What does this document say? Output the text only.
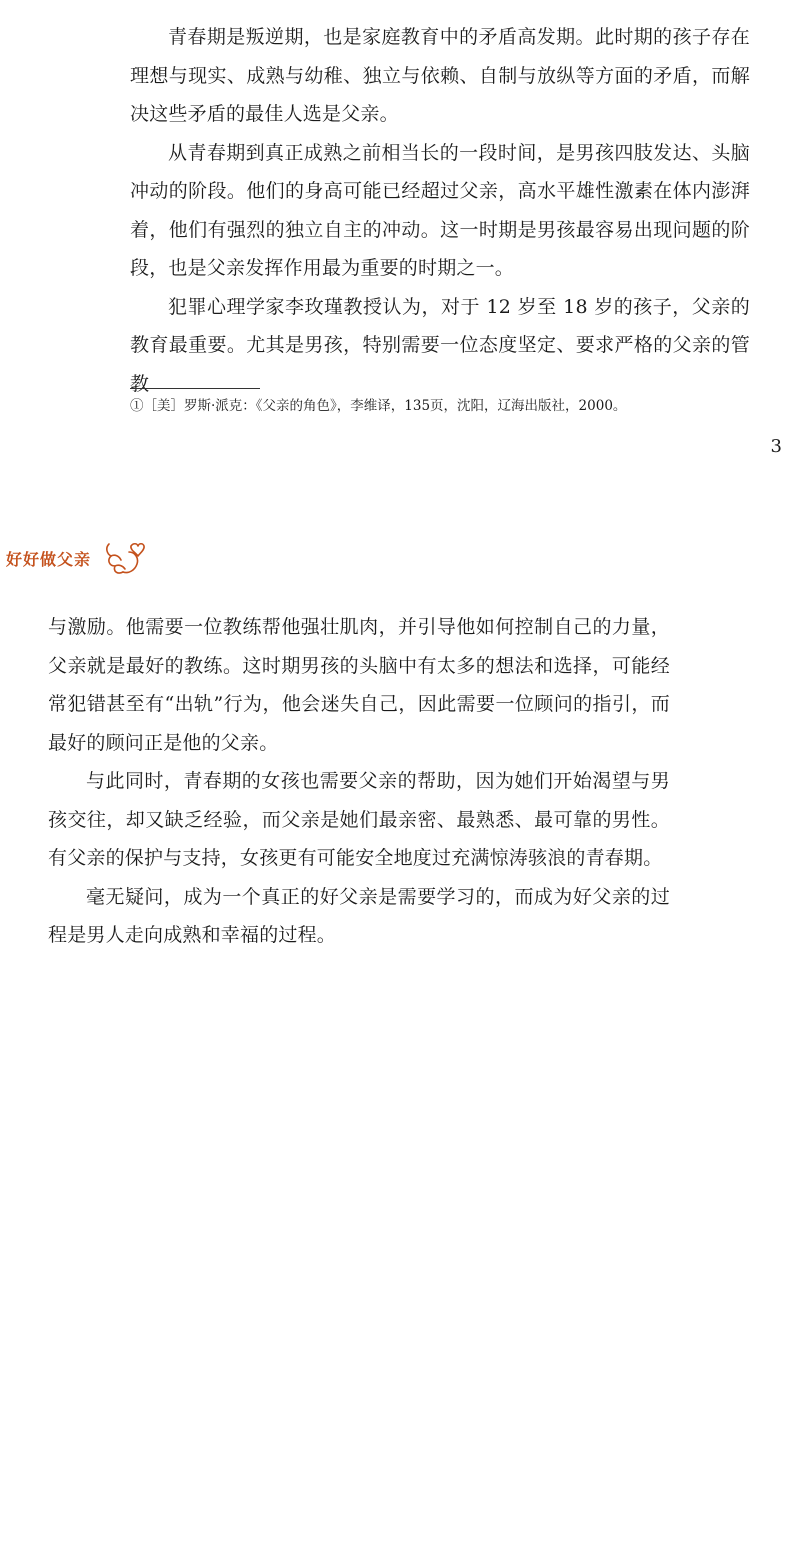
青春期是叛逆期，也是家庭教育中的矛盾高发期。此时期的孩子存在理想与现实、成熟与幼稚、独立与依赖、自制与放纵等方面的矛盾，而解决这些矛盾的最佳人选是父亲。

从青春期到真正成熟之前相当长的一段时间，是男孩四肢发达、头脑冲动的阶段。他们的身高可能已经超过父亲，高水平雄性激素在体内澎湃着，他们有强烈的独立自主的冲动。这一时期是男孩最容易出现问题的阶段，也是父亲发挥作用最为重要的时期之一。

犯罪心理学家李玫瑾教授认为，对于 12 岁至 18 岁的孩子，父亲的教育最重要。尤其是男孩，特别需要一位态度坚定、要求严格的父亲的管教

①［美］罗斯·派克：《父亲的角色》，李维译，135页，沈阳，辽海出版社，2000。
3
好好做父亲

与激励。他需要一位教练帮他强壮肌肉，并引导他如何控制自己的力量，父亲就是最好的教练。这时期男孩的头脑中有太多的想法和选择，可能经常犯错甚至有“出轨”行为，他会迷失自己，因此需要一位顾问的指引，而最好的顾问正是他的父亲。

与此同时，青春期的女孩也需要父亲的帮助，因为她们开始渴望与男孩交往，却又缺乏经验，而父亲是她们最亲密、最熟悉、最可靠的男性。有父亲的保护与支持，女孩更有可能安全地度过充满惊涛骇浪的青春期。

毫无疑问，成为一个真正的好父亲是需要学习的，而成为好父亲的过程是男人走向成熟和幸福的过程。
